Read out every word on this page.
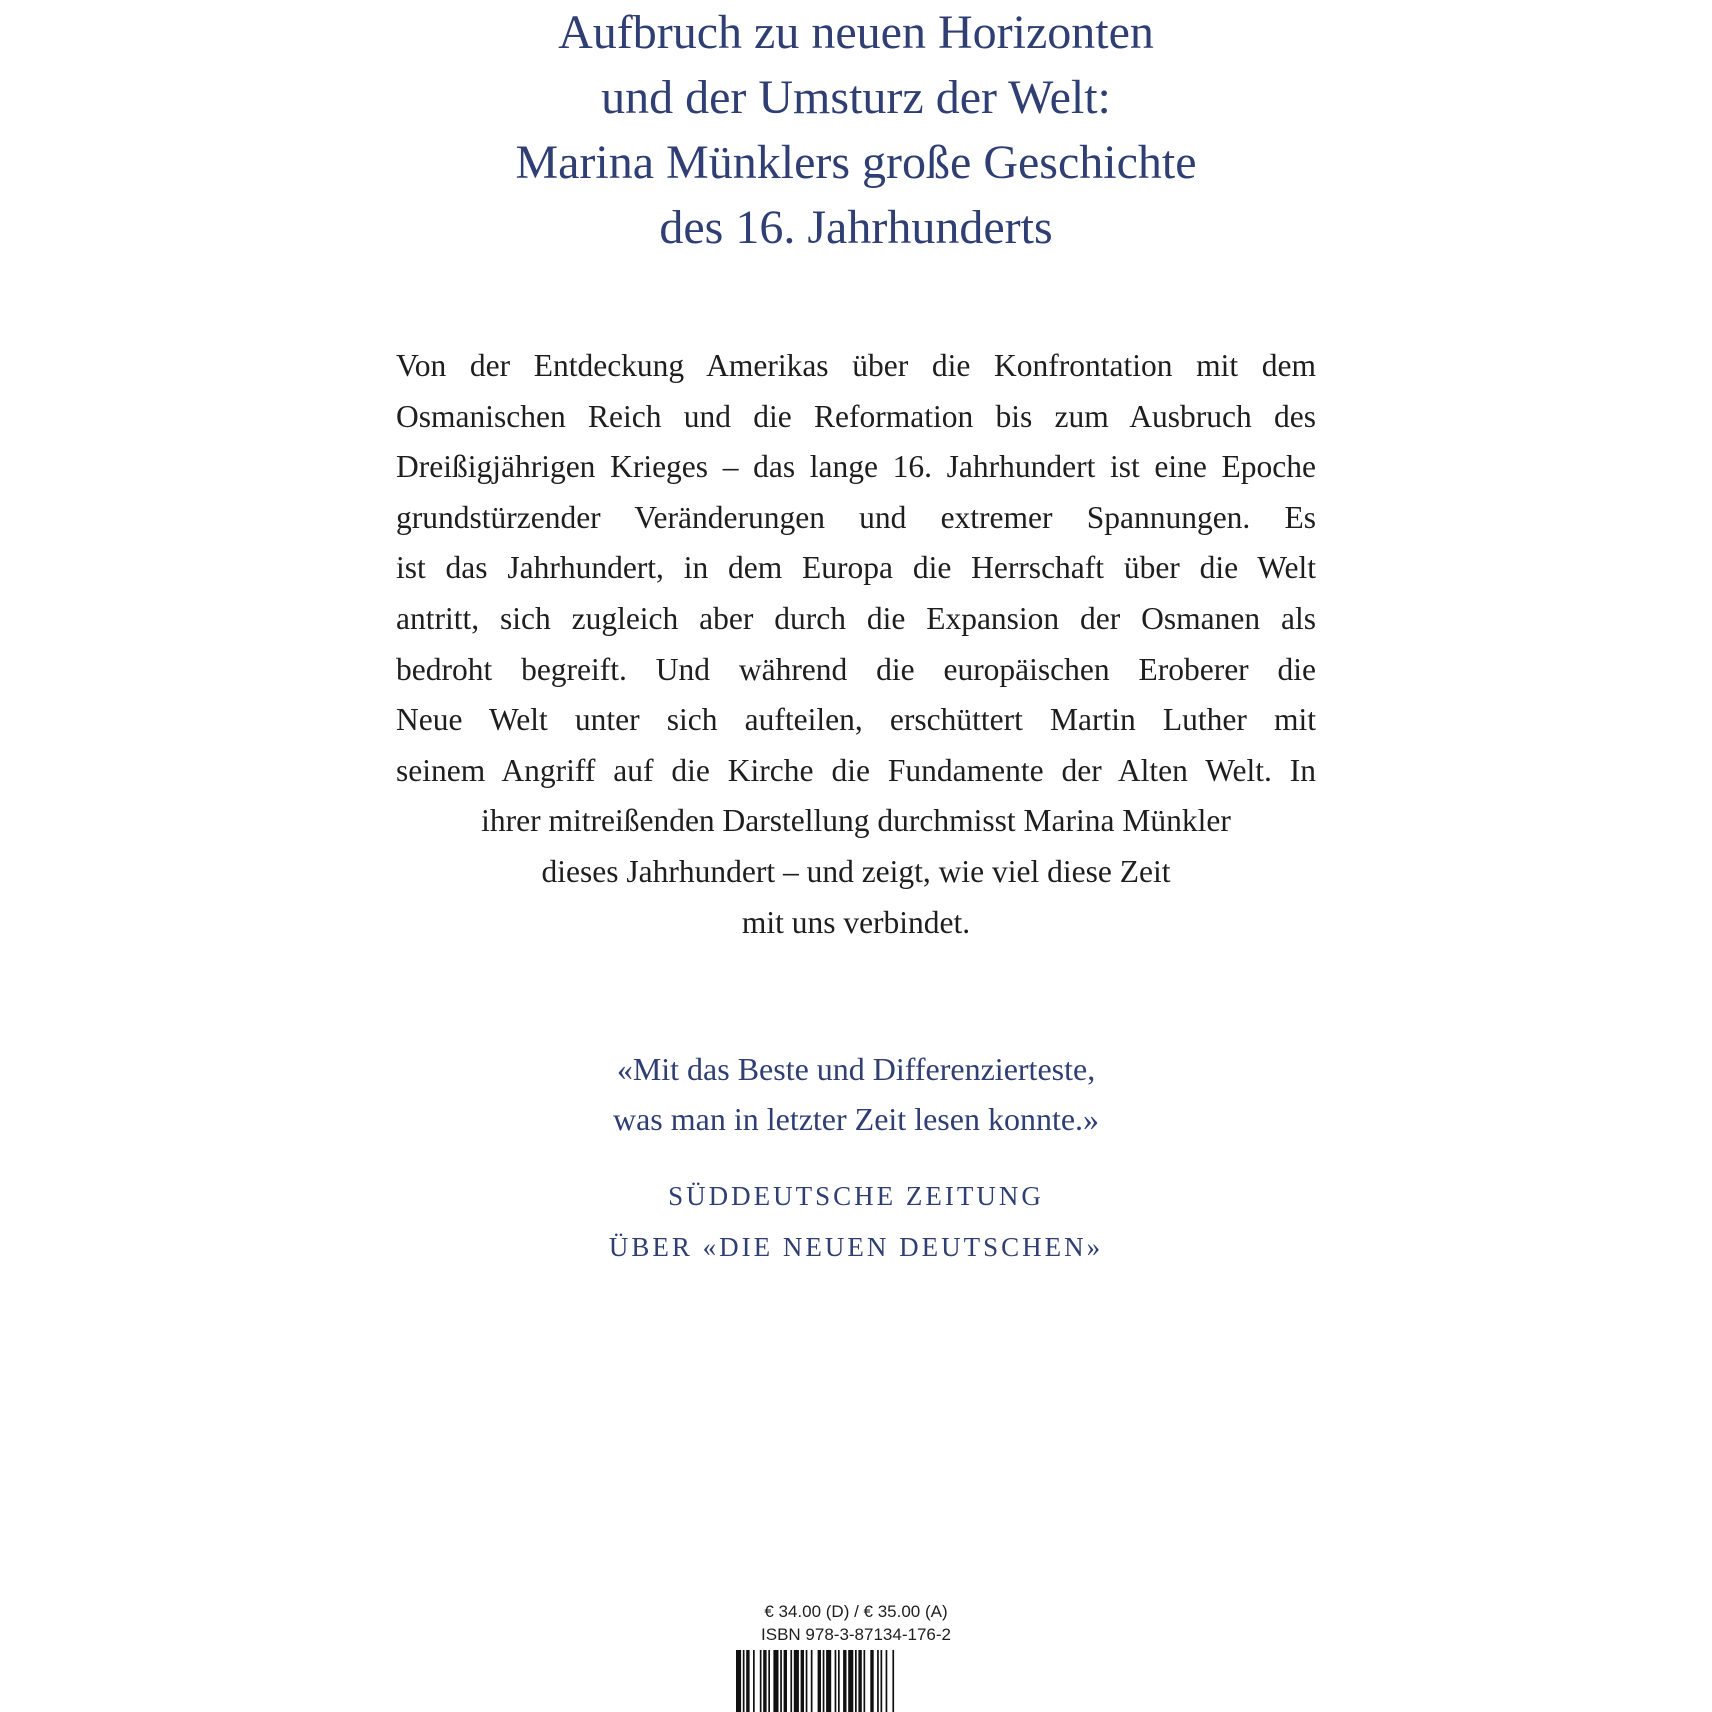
Aufbruch zu neuen Horizonten
und der Umsturz der Welt:
Marina Münklers große Geschichte
des 16. Jahrhunderts
Von der Entdeckung Amerikas über die Konfrontation mit dem
Osmanischen Reich und die Reformation bis zum Ausbruch des
Dreißigjährigen Krieges – das lange 16. Jahrhundert ist eine Epoche
grundstürzender Veränderungen und extremer Spannungen. Es
ist das Jahrhundert, in dem Europa die Herrschaft über die Welt
antritt, sich zugleich aber durch die Expansion der Osmanen als
bedroht begreift. Und während die europäischen Eroberer die
Neue Welt unter sich aufteilen, erschüttert Martin Luther mit
seinem Angriff auf die Kirche die Fundamente der Alten Welt. In
ihrer mitreißenden Darstellung durchmisst Marina Münkler
dieses Jahrhundert – und zeigt, wie viel diese Zeit
mit uns verbindet.
«Mit das Beste und Differenzierteste,
was man in letzter Zeit lesen konnte.»
SÜDDEUTSCHE ZEITUNG
ÜBER «DIE NEUEN DEUTSCHEN»
€ 34.00 (D) / € 35.00 (A)
ISBN 978-3-87134-176-2
